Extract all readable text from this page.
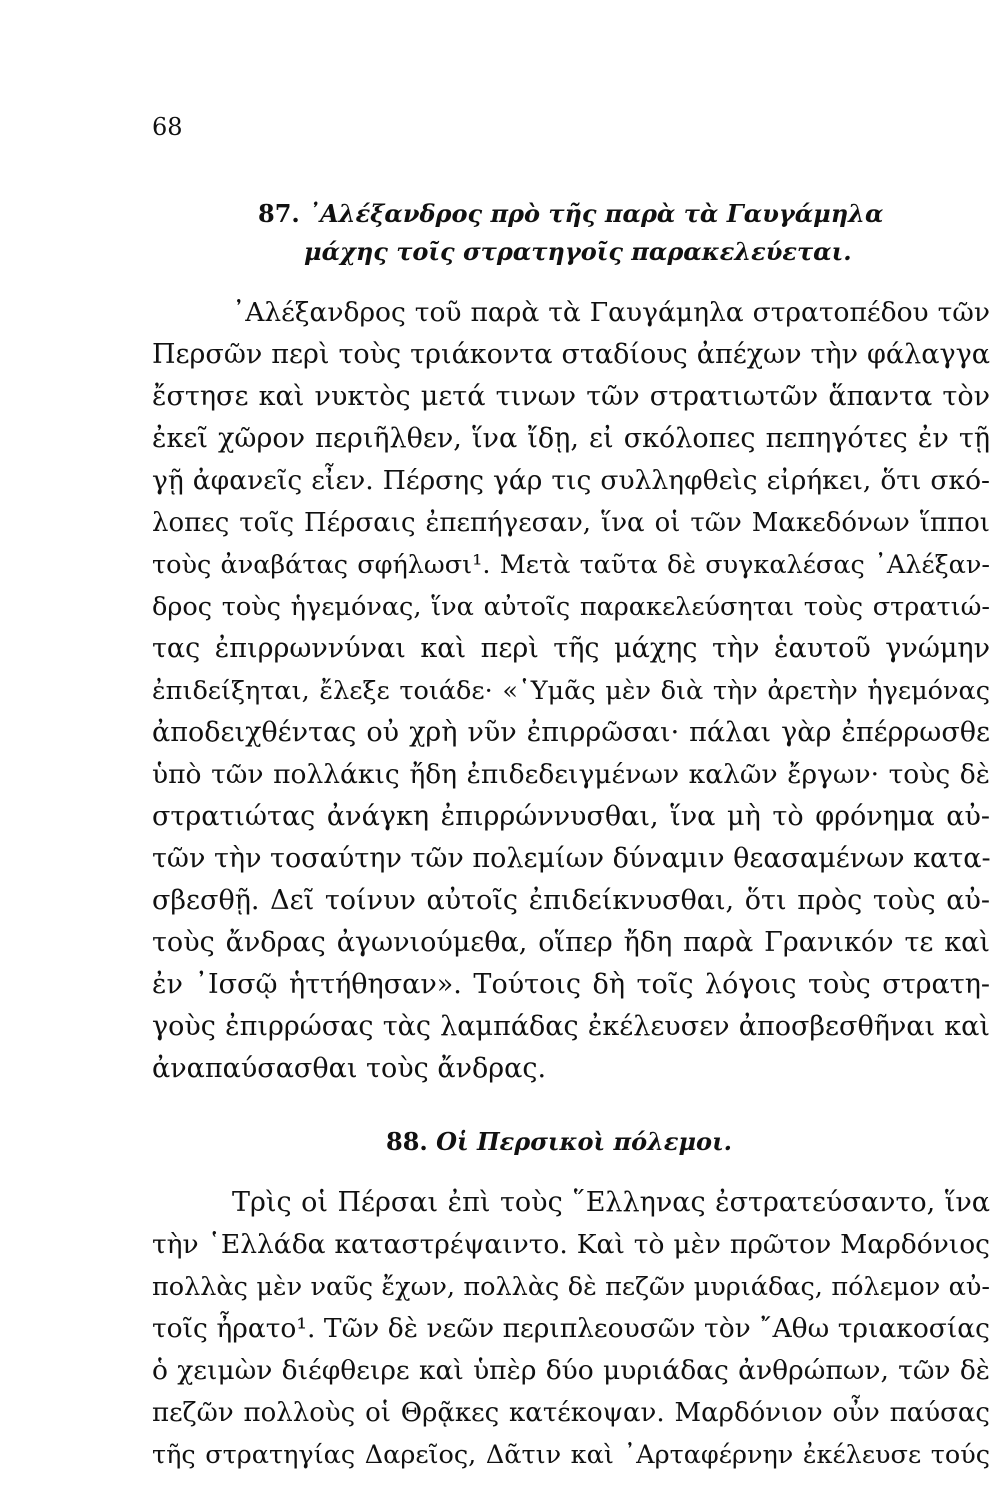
68
87. ᾿Αλέξανδρος πρὸ τῆς παρὰ τὰ Γαυγάμηλα
μάχης τοῖς στρατηγοῖς παρακελεύεται.
᾿Αλέξανδρος τοῦ παρὰ τὰ Γαυγάμηλα στρατοπέδου τῶν
Περσῶν περὶ τοὺς τριάκοντα σταδίους ἀπέχων τὴν φάλαγγα
ἔστησε καὶ νυκτὸς μετά τινων τῶν στρατιωτῶν ἅπαντα τὸν
ἐκεῖ χῶρον περιῆλθεν, ἵνα ἴδῃ, εἰ σκόλοπες πεπηγότες ἐν τῇ
γῇ ἀφανεῖς εἶεν. Πέρσης γάρ τις συλληφθεὶς εἰρήκει, ὅτι σκό-
λοπες τοῖς Πέρσαις ἐπεπήγεσαν, ἵνα οἱ τῶν Μακεδόνων ἵπποι
τοὺς ἀναβάτας σφήλωσι¹. Μετὰ ταῦτα δὲ συγκαλέσας ᾿Αλέξαν-
δρος τοὺς ἡγεμόνας, ἵνα αὐτοῖς παρακελεύσηται τοὺς στρατιώ-
τας ἐπιρρωννύναι καὶ περὶ τῆς μάχης τὴν ἑαυτοῦ γνώμην
ἐπιδείξηται, ἔλεξε τοιάδε· «῾Υμᾶς μὲν διὰ τὴν ἀρετὴν ἡγεμόνας
ἀποδειχθέντας οὐ χρὴ νῦν ἐπιρρῶσαι· πάλαι γὰρ ἐπέρρωσθε
ὑπὸ τῶν πολλάκις ἤδη ἐπιδεδειγμένων καλῶν ἔργων· τοὺς δὲ
στρατιώτας ἀνάγκη ἐπιρρώννυσθαι, ἵνα μὴ τὸ φρόνημα αὐ-
τῶν τὴν τοσαύτην τῶν πολεμίων δύναμιν θεασαμένων κατα-
σβεσθῇ. Δεῖ τοίνυν αὐτοῖς ἐπιδείκνυσθαι, ὅτι πρὸς τοὺς αὐ-
τοὺς ἄνδρας ἀγωνιούμεθα, οἵπερ ἤδη παρὰ Γρανικόν τε καὶ
ἐν ᾿Ισσῷ ἡττήθησαν». Τούτοις δὴ τοῖς λόγοις τοὺς στρατη-
γοὺς ἐπιρρώσας τὰς λαμπάδας ἐκέλευσεν ἀποσβεσθῆναι καὶ
ἀναπαύσασθαι τοὺς ἄνδρας.
88. Οἱ Περσικοὶ πόλεμοι.
Τρὶς οἱ Πέρσαι ἐπὶ τοὺς ῞Ελληνας ἐστρατεύσαντο, ἵνα
τὴν ῾Ελλάδα καταστρέψαιντο. Καὶ τὸ μὲν πρῶτον Μαρδόνιος
πολλὰς μὲν ναῦς ἔχων, πολλὰς δὲ πεζῶν μυριάδας, πόλεμον αὐ-
τοῖς ἦρατο¹. Τῶν δὲ νεῶν περιπλεουσῶν τὸν ῎Αθω τριακοσίας
ὁ χειμὼν διέφθειρε καὶ ὑπὲρ δύο μυριάδας ἀνθρώπων, τῶν δὲ
πεζῶν πολλοὺς οἱ Θρᾷκες κατέκοψαν. Μαρδόνιον οὖν παύσας
τῆς στρατηγίας Δαρεῖος, Δᾶτιν καὶ ᾿Αρταφέρνην ἐκέλευσε τούς
